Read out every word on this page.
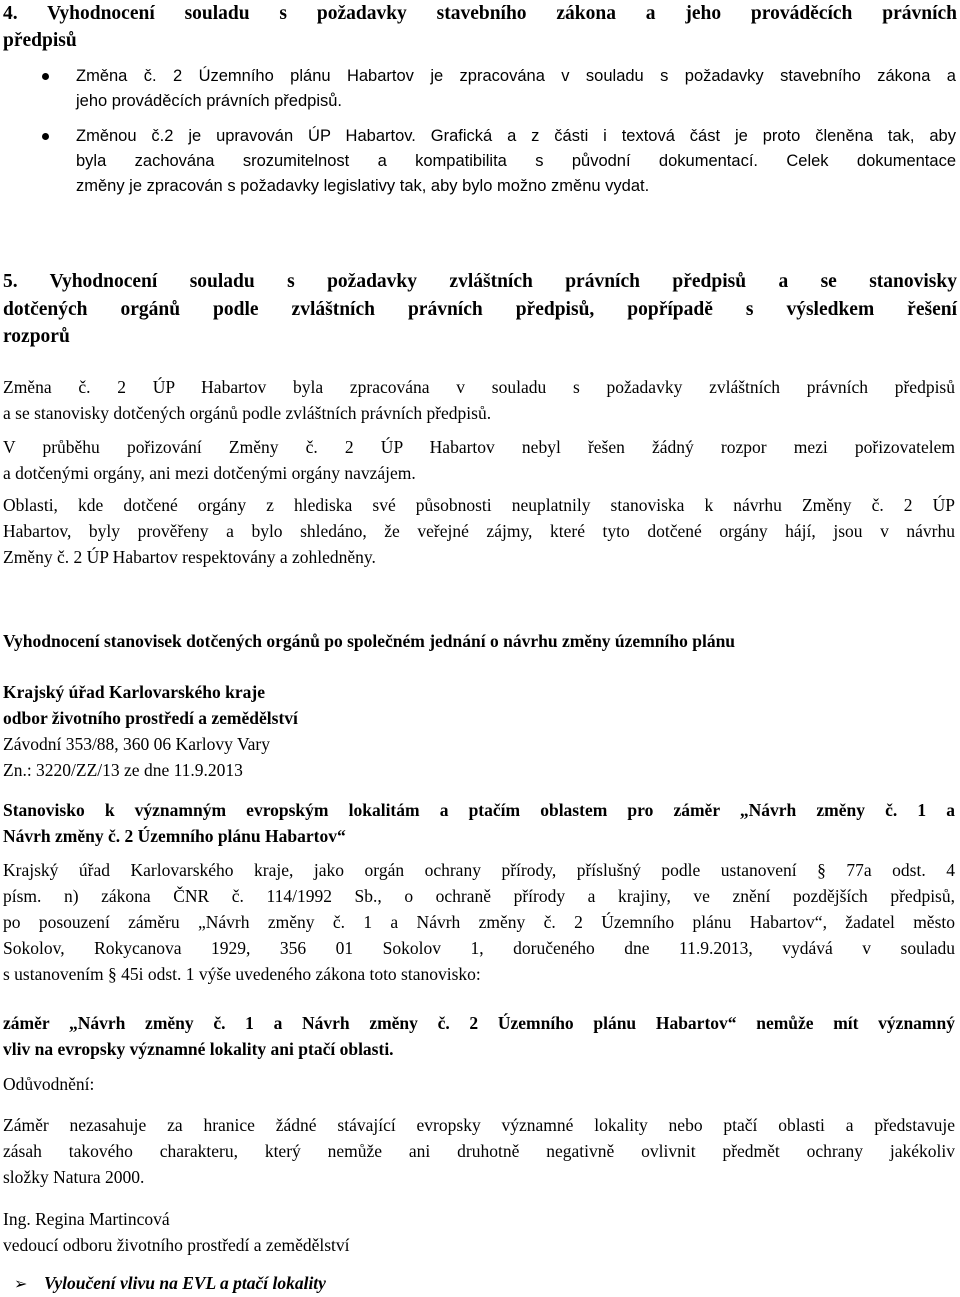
4. Vyhodnocení souladu s požadavky stavebního zákona a jeho prováděcích právních
předpisů
Změna č. 2 Územního plánu Habartov je zpracována v souladu s požadavky stavebního zákona a
jeho prováděcích právních předpisů.
Změnou č.2 je upravován ÚP Habartov. Grafická a z části i textová část je proto členěna tak, aby
byla zachována srozumitelnost a kompatibilita s původní dokumentací. Celek dokumentace
změny je zpracován s požadavky legislativy tak, aby bylo možno změnu vydat.
5. Vyhodnocení souladu s požadavky zvláštních právních předpisů a se stanovisky
dotčených orgánů podle zvláštních právních předpisů, popřípadě s výsledkem řešení
rozporů
Změna č. 2 ÚP Habartov byla zpracována v souladu s požadavky zvláštních právních předpisů
a se stanovisky dotčených orgánů podle zvláštních právních předpisů.
V průběhu pořizování Změny č. 2 ÚP Habartov nebyl řešen žádný rozpor mezi pořizovatelem
a dotčenými orgány, ani mezi dotčenými orgány navzájem.
Oblasti, kde dotčené orgány z hlediska své působnosti neuplatnily stanoviska k návrhu Změny č. 2 ÚP
Habartov, byly prověřeny a bylo shledáno, že veřejné zájmy, které tyto dotčené orgány hájí, jsou v návrhu
Změny č. 2 ÚP Habartov respektovány a zohledněny.
Vyhodnocení stanovisek dotčených orgánů po společném jednání o návrhu změny územního plánu
Krajský úřad Karlovarského kraje
odbor životního prostředí a zemědělství
Závodní 353/88, 360 06 Karlovy Vary
Zn.: 3220/ZZ/13 ze dne 11.9.2013
Stanovisko k významným evropským lokalitám a ptačím oblastem pro záměr „Návrh změny č. 1 a
Návrh změny č. 2 Územního plánu Habartov“
Krajský úřad Karlovarského kraje, jako orgán ochrany přírody, příslušný podle ustanovení § 77a odst. 4
písm. n) zákona ČNR č. 114/1992 Sb., o ochraně přírody a krajiny, ve znění pozdějších předpisů,
po posouzení záměru „Návrh změny č. 1 a Návrh změny č. 2 Územního plánu Habartov“, žadatel město
Sokolov, Rokycanova 1929, 356 01 Sokolov 1, doručeného dne 11.9.2013, vydává v souladu
s ustanovením § 45i odst. 1 výše uvedeného zákona toto stanovisko:
záměr „Návrh změny č. 1 a Návrh změny č. 2 Územního plánu Habartov“ nemůže mít významný
vliv na evropsky významné lokality ani ptačí oblasti.
Odůvodnění:
Záměr nezasahuje za hranice žádné stávající evropsky významné lokality nebo ptačí oblasti a představuje
zásah takového charakteru, který nemůže ani druhotně negativně ovlivnit předmět ochrany jakékoliv
složky Natura 2000.
Ing. Regina Martincová
vedoucí odboru životního prostředí a zemědělství
➢ Vyloučení vlivu na EVL a ptačí lokality
